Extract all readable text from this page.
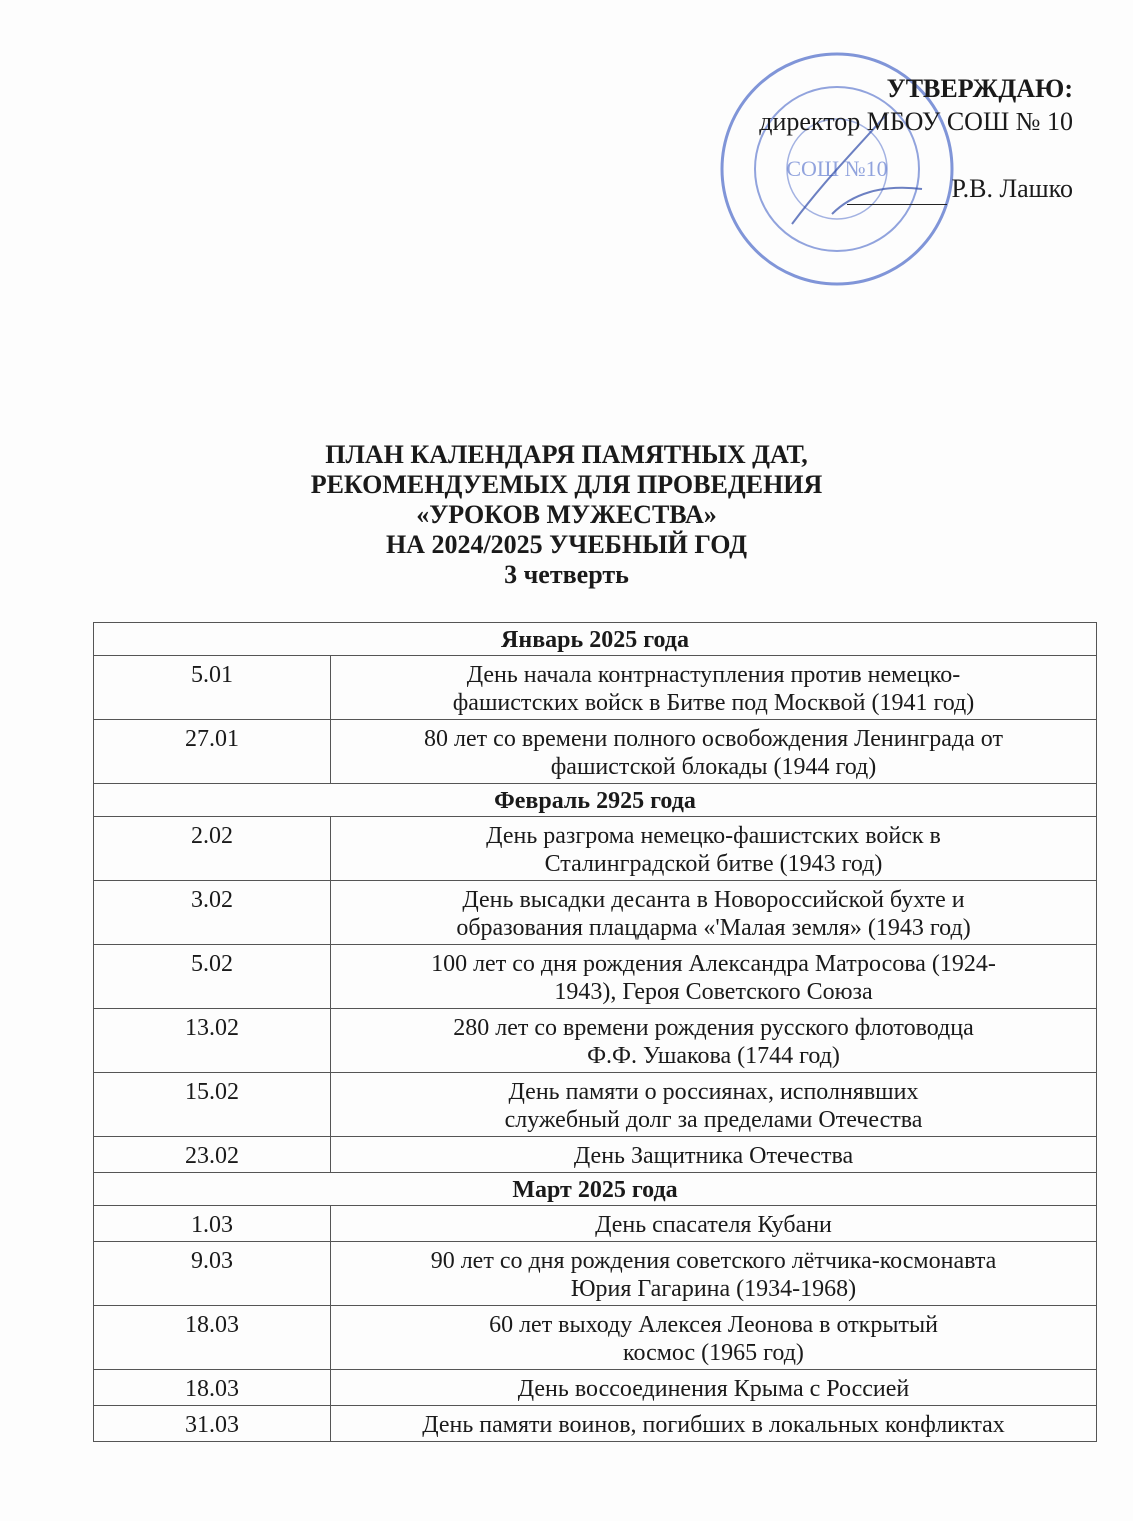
СОШ №10
УТВЕРЖДАЮ:
директор МБОУ СОШ № 10
Р.В. Лашко
ПЛАН КАЛЕНДАРЯ ПАМЯТНЫХ ДАТ,
РЕКОМЕНДУЕМЫХ ДЛЯ ПРОВЕДЕНИЯ
«УРОКОВ МУЖЕСТВА»
НА 2024/2025 УЧЕБНЫЙ ГОД
3 четверть
Январь 2025 года	
5.01	День начала контрнаступления против немецко-
фашистских войск в Битве под Москвой (1941 год)

27.01	80 лет со времени полного освобождения Ленинграда от
фашистской блокады (1944 год)

Февраль 2925 года	
2.02	День разгрома немецко-фашистских войск в
Сталинградской битве (1943 год)

3.02	День высадки десанта в Новороссийской бухте и
образования плацдарма «'Малая земля» (1943 год)

5.02	100 лет со дня рождения Александра Матросова (1924-
1943), Героя Советского Союза

13.02	280 лет со времени рождения русского флотоводца
Ф.Ф. Ушакова (1744 год)

15.02	День памяти о россиянах, исполнявших
служебный долг за пределами Отечества

23.02	День Защитника Отечества

Март 2025 года	
1.03	День спасателя Кубани

9.03	90 лет со дня рождения советского лётчика-космонавта
Юрия Гагарина (1934-1968)

18.03	60 лет выходу Алексея Леонова в открытый
космос (1965 год)

18.03	День воссоединения Крыма с Россией

31.03	День памяти воинов, погибших в локальных конфликтах
